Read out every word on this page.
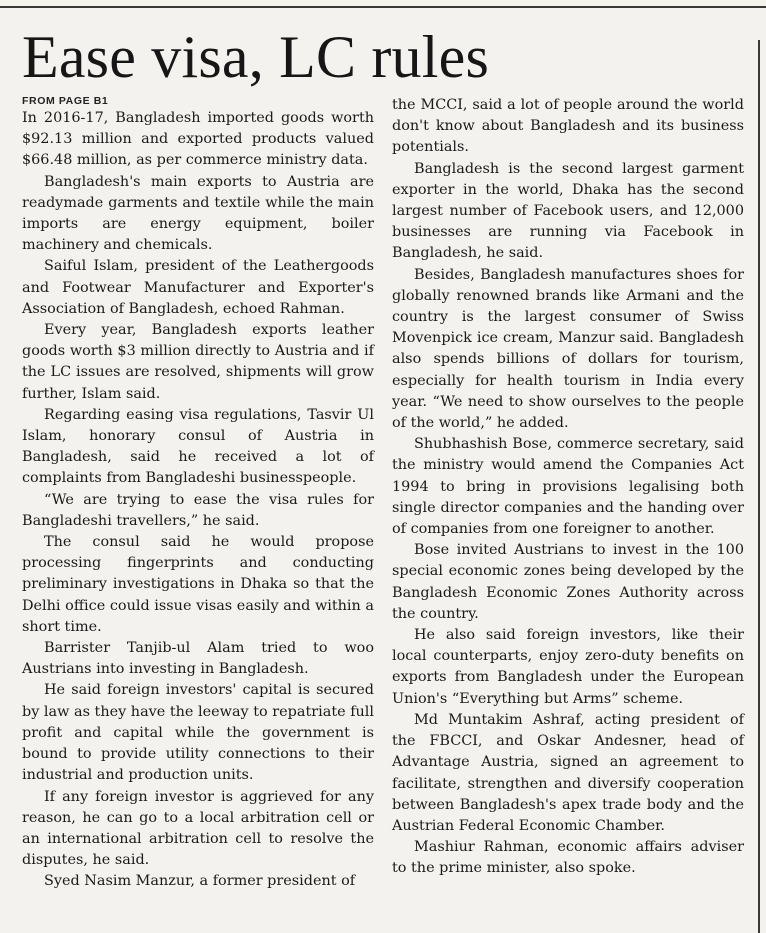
Ease visa, LC rules
FROM PAGE B1

In 2016-17, Bangladesh imported goods worth $92.13 million and exported products valued $66.48 million, as per commerce ministry data.

Bangladesh's main exports to Austria are readymade garments and textile while the main imports are energy equipment, boiler machinery and chemicals.

Saiful Islam, president of the Leathergoods and Footwear Manufacturer and Exporter's Association of Bangladesh, echoed Rahman.

Every year, Bangladesh exports leather goods worth $3 million directly to Austria and if the LC issues are resolved, shipments will grow further, Islam said.

Regarding easing visa regulations, Tasvir Ul Islam, honorary consul of Austria in Bangladesh, said he received a lot of complaints from Bangladeshi businesspeople.

“We are trying to ease the visa rules for Bangladeshi travellers,” he said.

The consul said he would propose processing fingerprints and conducting preliminary investigations in Dhaka so that the Delhi office could issue visas easily and within a short time.

Barrister Tanjib-ul Alam tried to woo Austrians into investing in Bangladesh.

He said foreign investors' capital is secured by law as they have the leeway to repatriate full profit and capital while the government is bound to provide utility connections to their industrial and production units.

If any foreign investor is aggrieved for any reason, he can go to a local arbitration cell or an international arbitration cell to resolve the disputes, he said.

Syed Nasim Manzur, a former president of

the MCCI, said a lot of people around the world don't know about Bangladesh and its business potentials.

Bangladesh is the second largest garment exporter in the world, Dhaka has the second largest number of Facebook users, and 12,000 businesses are running via Facebook in Bangladesh, he said.

Besides, Bangladesh manufactures shoes for globally renowned brands like Armani and the country is the largest consumer of Swiss Movenpick ice cream, Manzur said. Bangladesh also spends billions of dollars for tourism, especially for health tourism in India every year. “We need to show ourselves to the people of the world,” he added.

Shubhashish Bose, commerce secretary, said the ministry would amend the Companies Act 1994 to bring in provisions legalising both single director companies and the handing over of companies from one foreigner to another.

Bose invited Austrians to invest in the 100 special economic zones being developed by the Bangladesh Economic Zones Authority across the country.

He also said foreign investors, like their local counterparts, enjoy zero-duty benefits on exports from Bangladesh under the European Union's “Everything but Arms” scheme.

Md Muntakim Ashraf, acting president of the FBCCI, and Oskar Andesner, head of Advantage Austria, signed an agreement to facilitate, strengthen and diversify cooperation between Bangladesh's apex trade body and the Austrian Federal Economic Chamber.

Mashiur Rahman, economic affairs adviser to the prime minister, also spoke.
